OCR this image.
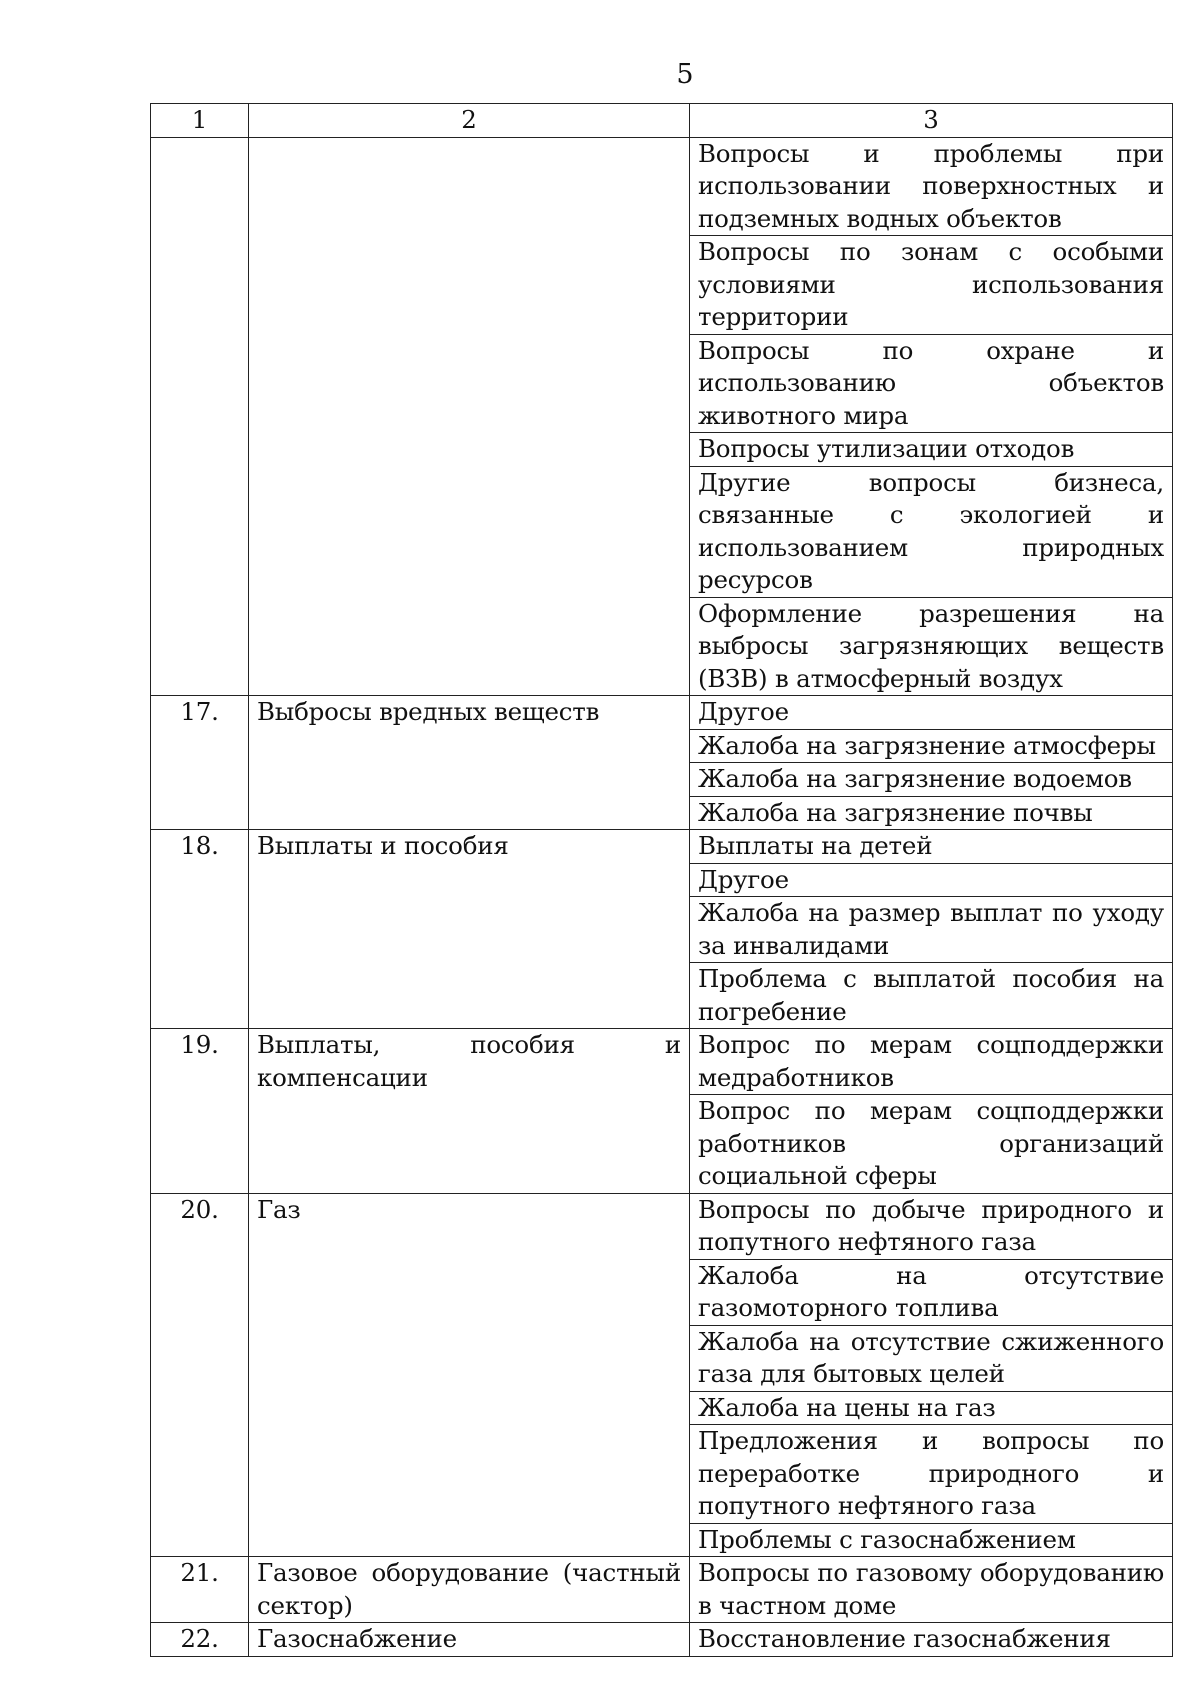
5
1	2	3
		Вопросы и проблемы при использовании поверхностных и подземных водных объектов
		Вопросы по зонам с особыми условиями использования территории
		Вопросы по охране и использованию объектов животного мира
		Вопросы утилизации отходов
		Другие вопросы бизнеса, связанные с экологией и использованием природных ресурсов
		Оформление разрешения на выбросы загрязняющих веществ (ВЗВ) в атмосферный воздух
17.	Выбросы вредных веществ	Другое
		Жалоба на загрязнение атмосферы
		Жалоба на загрязнение водоемов
		Жалоба на загрязнение почвы
18.	Выплаты и пособия	Выплаты на детей
		Другое
		Жалоба на размер выплат по уходу за инвалидами
		Проблема с выплатой пособия на погребение
19.	Выплаты, пособия и компенсации	Вопрос по мерам соцподдержки медработников
		Вопрос по мерам соцподдержки работников организаций социальной сферы
20.	Газ	Вопросы по добыче природного и попутного нефтяного газа
		Жалоба на отсутствие газомоторного топлива
		Жалоба на отсутствие сжиженного газа для бытовых целей
		Жалоба на цены на газ
		Предложения и вопросы по переработке природного и попутного нефтяного газа
		Проблемы с газоснабжением
21.	Газовое оборудование (частный сектор)	Вопросы по газовому оборудованию в частном доме
22.	Газоснабжение	Восстановление газоснабжения
